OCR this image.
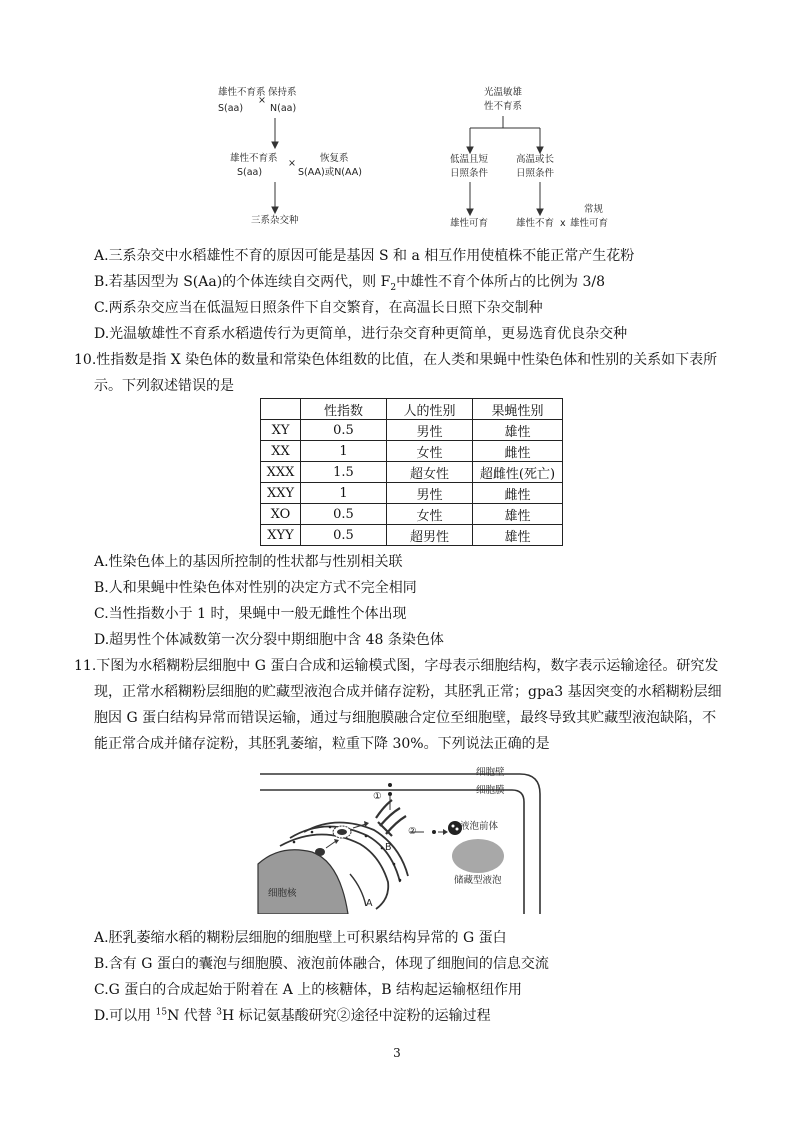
雄性不育系
×
保持系
S(aa)	N(aa)
雄性不育系
S(aa)
×	恢复系
S(AA)或N(AA)
三系杂交种
光温敏雄
性不育系
低温且短
日照条件
高温或长
日照条件
雄性可育	雄性不育 x
常规
雄性可育
A.三系杂交中水稻雄性不育的原因可能是基因 S 和 a 相互作用使植株不能正常产生花粉
B.若基因型为 S(Aa)的个体连续自交两代，则 $F_2$中雄性不育个体所占的比例为 3/8
C.两系杂交应当在低温短日照条件下自交繁育，在高温长日照下杂交制种
D.光温敏雄性不育系水稻遗传行为更简单，进行杂交育种更简单，更易选育优良杂交种
10.性指数是指 X 染色体的数量和常染色体组数的比值，在人类和果蝇中性染色体和性别的关系如下表所
示。下列叙述错误的是
	性指数	人的性别	果蝇性别
XY	0.5	男性	雄性
XX	1	女性	雌性
XXX	1.5	超女性	超雌性(死亡)
XXY	1	男性	雌性
XO	0.5	女性	雄性
XYY	0.5	超男性	雄性
A.性染色体上的基因所控制的性状都与性别相关联
B.人和果蝇中性染色体对性别的决定方式不完全相同
C.当性指数小于 1 时，果蝇中一般无雌性个体出现
D.超男性个体减数第一次分裂中期细胞中含 48 条染色体
11.下图为水稻糊粉层细胞中 G 蛋白合成和运输模式图，字母表示细胞结构，数字表示运输途径。研究发
现，正常水稻糊粉层细胞的贮藏型液泡合成并储存淀粉，其胚乳正常；gpa3 基因突变的水稻糊粉层细
胞因 G 蛋白结构异常而错误运输，通过与细胞膜融合定位至细胞壁，最终导致其贮藏型液泡缺陷，不
能正常合成并储存淀粉，其胚乳萎缩，粒重下降 30%。下列说法正确的是
细胞壁
细胞膜
①
②	液泡前体
储藏型液泡
细胞核
A
B
A.胚乳萎缩水稻的糊粉层细胞的细胞壁上可积累结构异常的 G 蛋白
B.含有 G 蛋白的囊泡与细胞膜、液泡前体融合，体现了细胞间的信息交流
C.G 蛋白的合成起始于附着在 A 上的核糖体，B 结构起运输枢纽作用
D.可以用 $^{15}$N 代替 $^3$H 标记氨基酸研究②途径中淀粉的运输过程
3
